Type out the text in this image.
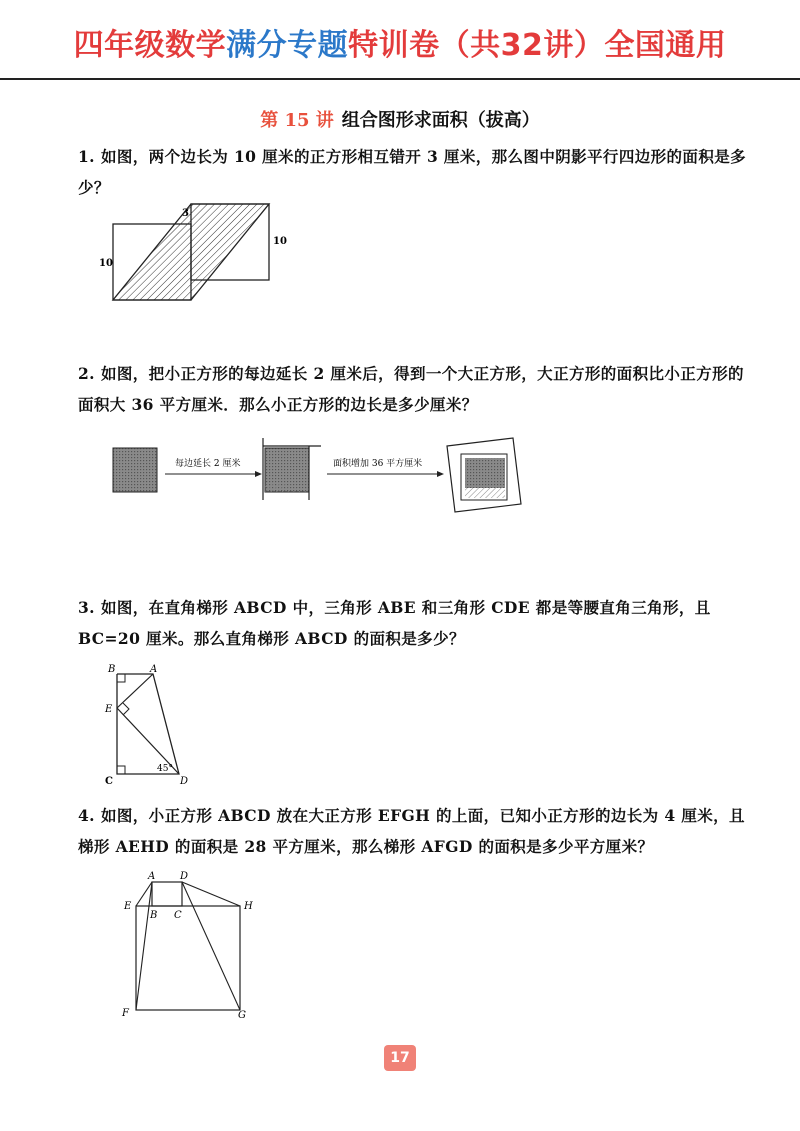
四年级数学满分专题特训卷（共32讲）全国通用
第 15 讲 组合图形求面积（拔高）
1. 如图，两个边长为 10 厘米的正方形相互错开 3 厘米，那么图中阴影平行四边形的面积是多少？
3
10
10
2. 如图，把小正方形的每边延长 2 厘米后，得到一个大正方形，大正方形的面积比小正方形的面积大 36 平方厘米．那么小正方形的边长是多少厘米？
每边延长 2 厘米	面积增加 36 平方厘米
3. 如图，在直角梯形 ABCD 中，三角形 ABE 和三角形 CDE 都是等腰直角三角形，且 BC=20 厘米。那么直角梯形 ABCD 的面积是多少？
B	A
E
C	D
45°
4. 如图，小正方形 ABCD 放在大正方形 EFGH 的上面，已知小正方形的边长为 4 厘米，且梯形 AEHD 的面积是 28 平方厘米，那么梯形 AFGD 的面积是多少平方厘米？
A D
E
B C
H
F	G
17
